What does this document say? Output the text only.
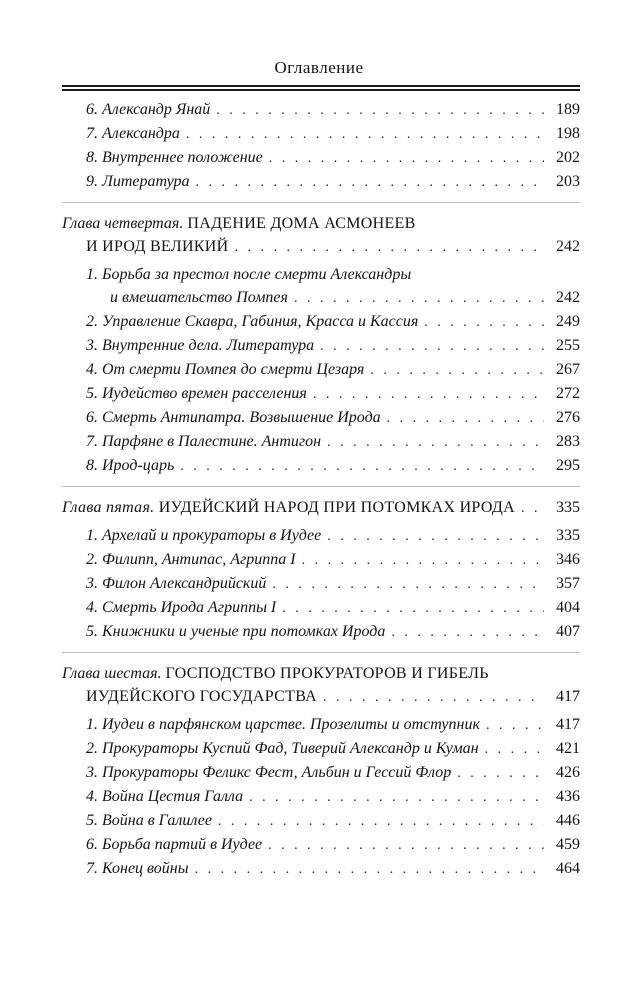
Оглавление
6. Александр Янай . . .	189
7. Александра . . .	198
8. Внутреннее положение . . .	202
9. Литература . . .	203
Глава четвертая. ПАДЕНИЕ ДОМА АСМОНЕЕВ
И ИРОД ВЕЛИКИЙ . . .	242
1. Борьба за престол после смерти Александры
и вмешательство Помпея . . .	242
2. Управление Скавра, Габиния, Красса и Кассия . . .	249
3. Внутренние дела. Литература . . .	255
4. От смерти Помпея до смерти Цезаря . . .	267
5. Иудейство времен расселения . . .	272
6. Смерть Антипатра. Возвышение Ирода . . .	276
7. Парфяне в Палестине. Антигон . . .	283
8. Ирод-царь . . .	295
Глава пятая. ИУДЕЙСКИЙ НАРОД ПРИ ПОТОМКАХ ИРОДА . . .	335
1. Архелай и прокураторы в Иудее . . .	335
2. Филипп, Антипас, Агриппа I . . .	346
3. Филон Александрийский . . .	357
4. Смерть Ирода Агриппы I . . .	404
5. Книжники и ученые при потомках Ирода . . .	407
Глава шестая. ГОСПОДСТВО ПРОКУРАТОРОВ И ГИБЕЛЬ
ИУДЕЙСКОГО ГОСУДАРСТВА . . .	417
1. Иудеи в парфянском царстве. Прозелиты и отступник . . .	417
2. Прокураторы Куспий Фад, Тиверий Александр и Куман . . .	421
3. Прокураторы Феликс Фест, Альбин и Гессий Флор . . .	426
4. Война Цестия Галла . . .	436
5. Война в Галилее . . .	446
6. Борьба партий в Иудее . . .	459
7. Конец войны . . .	464
